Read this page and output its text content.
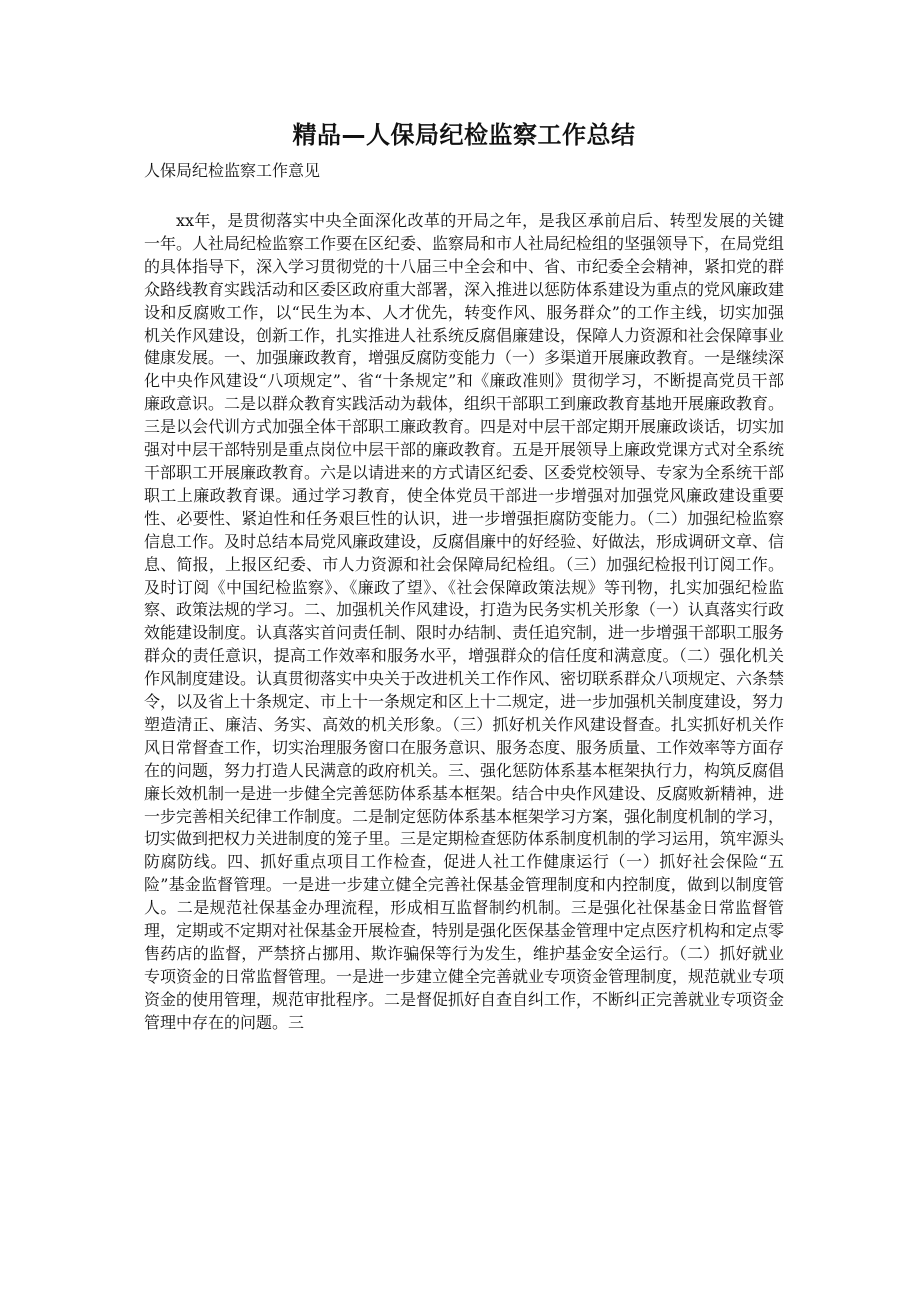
精品—人保局纪检监察工作总结
人保局纪检监察工作意见

xx年，是贯彻落实中央全面深化改革的开局之年，是我区承前启后、转型发展的关键一年。人社局纪检监察工作要在区纪委、监察局和市人社局纪检组的坚强领导下，在局党组的具体指导下，深入学习贯彻党的十八届三中全会和中、省、市纪委全会精神，紧扣党的群众路线教育实践活动和区委区政府重大部署，深入推进以惩防体系建设为重点的党风廉政建设和反腐败工作，以“民生为本、人才优先，转变作风、服务群众”的工作主线，切实加强机关作风建设，创新工作，扎实推进人社系统反腐倡廉建设，保障人力资源和社会保障事业健康发展。一、加强廉政教育，增强反腐防变能力（一）多渠道开展廉政教育。一是继续深化中央作风建设“八项规定”、省“十条规定”和《廉政准则》贯彻学习，不断提高党员干部廉政意识。二是以群众教育实践活动为载体，组织干部职工到廉政教育基地开展廉政教育。三是以会代训方式加强全体干部职工廉政教育。四是对中层干部定期开展廉政谈话，切实加强对中层干部特别是重点岗位中层干部的廉政教育。五是开展领导上廉政党课方式对全系统干部职工开展廉政教育。六是以请进来的方式请区纪委、区委党校领导、专家为全系统干部职工上廉政教育课。通过学习教育，使全体党员干部进一步增强对加强党风廉政建设重要性、必要性、紧迫性和任务艰巨性的认识，进一步增强拒腐防变能力。（二）加强纪检监察信息工作。及时总结本局党风廉政建设，反腐倡廉中的好经验、好做法，形成调研文章、信息、简报，上报区纪委、市人力资源和社会保障局纪检组。（三）加强纪检报刊订阅工作。及时订阅《中国纪检监察》、《廉政了望》、《社会保障政策法规》等刊物，扎实加强纪检监察、政策法规的学习。二、加强机关作风建设，打造为民务实机关形象（一）认真落实行政效能建设制度。认真落实首问责任制、限时办结制、责任追究制，进一步增强干部职工服务群众的责任意识，提高工作效率和服务水平，增强群众的信任度和满意度。（二）强化机关作风制度建设。认真贯彻落实中央关于改进机关工作作风、密切联系群众八项规定、六条禁令，以及省上十条规定、市上十一条规定和区上十二规定，进一步加强机关制度建设，努力塑造清正、廉洁、务实、高效的机关形象。（三）抓好机关作风建设督查。扎实抓好机关作风日常督查工作，切实治理服务窗口在服务意识、服务态度、服务质量、工作效率等方面存在的问题，努力打造人民满意的政府机关。三、强化惩防体系基本框架执行力，构筑反腐倡廉长效机制一是进一步健全完善惩防体系基本框架。结合中央作风建设、反腐败新精神，进一步完善相关纪律工作制度。二是制定惩防体系基本框架学习方案，强化制度机制的学习，切实做到把权力关进制度的笼子里。三是定期检查惩防体系制度机制的学习运用，筑牢源头防腐防线。四、抓好重点项目工作检查，促进人社工作健康运行（一）抓好社会保险“五险”基金监督管理。一是进一步建立健全完善社保基金管理制度和内控制度，做到以制度管人。二是规范社保基金办理流程，形成相互监督制约机制。三是强化社保基金日常监督管理，定期或不定期对社保基金开展检查，特别是强化医保基金管理中定点医疗机构和定点零售药店的监督，严禁挤占挪用、欺诈骗保等行为发生，维护基金安全运行。（二）抓好就业专项资金的日常监督管理。一是进一步建立健全完善就业专项资金管理制度，规范就业专项资金的使用管理，规范审批程序。二是督促抓好自查自纠工作，不断纠正完善就业专项资金管理中存在的问题。三
